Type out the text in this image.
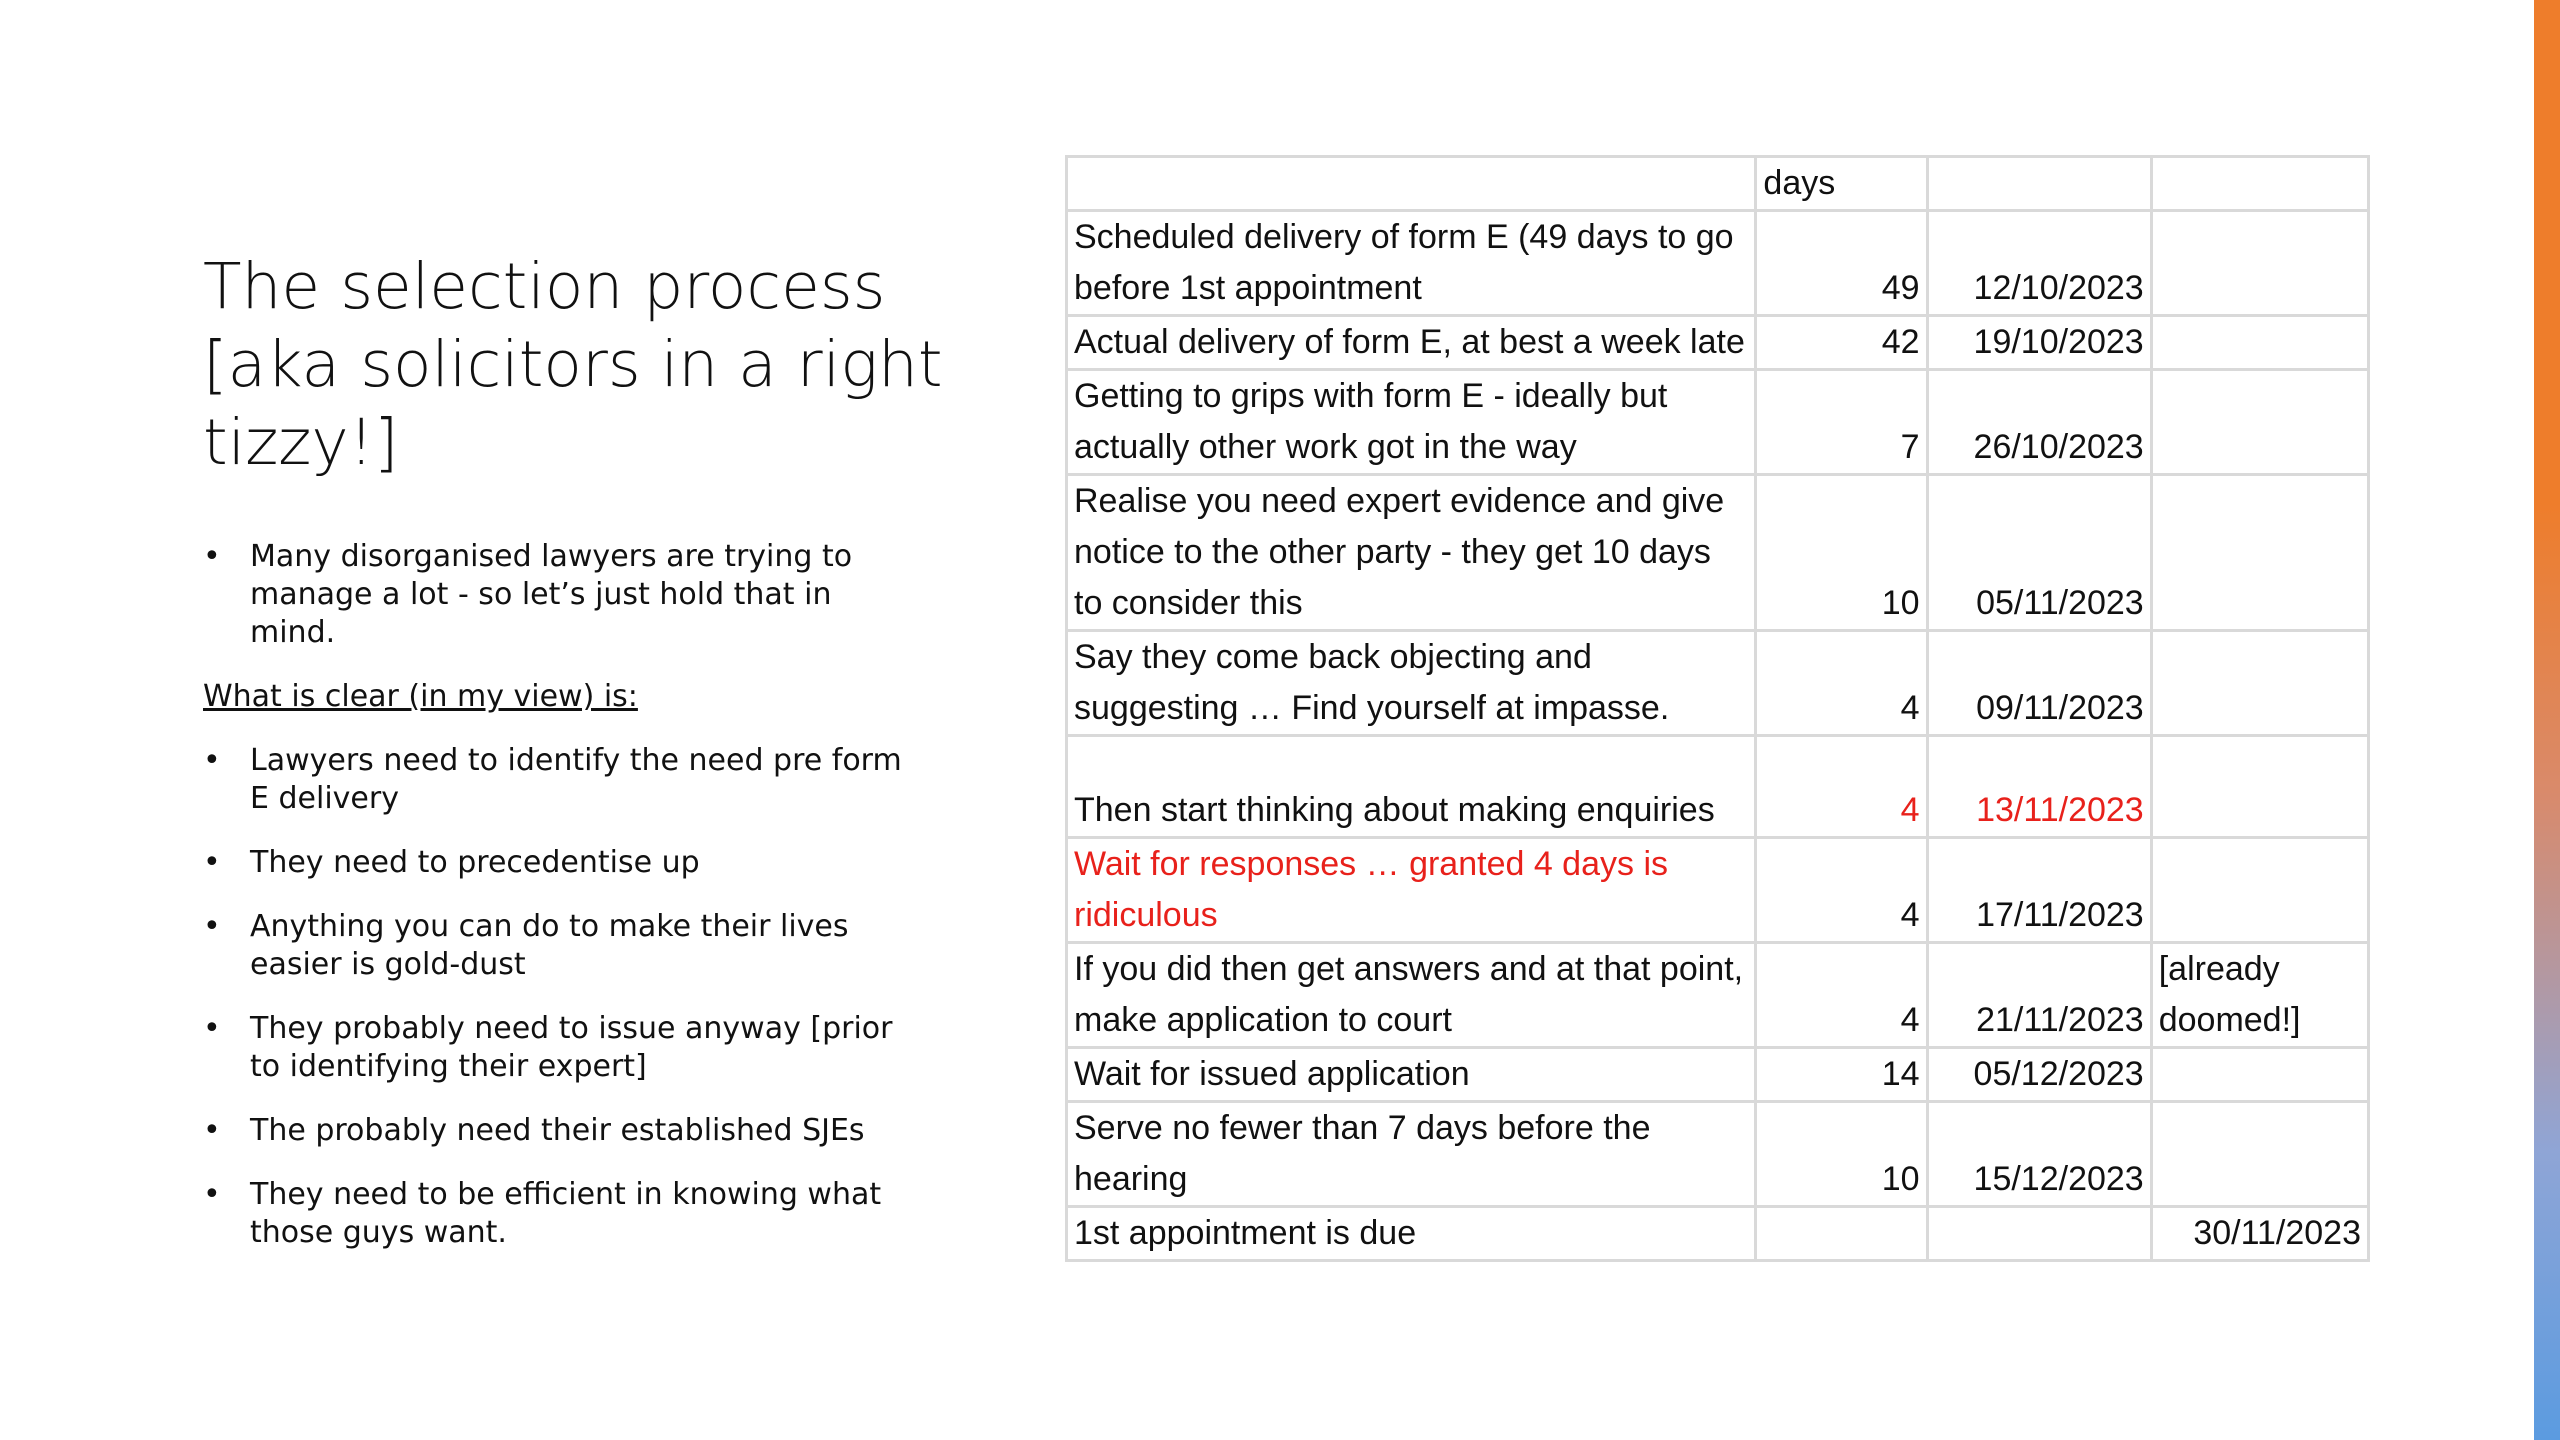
The selection process [aka solicitors in a right tizzy!]
• Many disorganised lawyers are trying to manage a lot - so let’s just hold that in mind.
What is clear (in my view) is:
• Lawyers need to identify the need pre form E delivery
• They need to precedentise up
• Anything you can do to make their lives easier is gold-dust
• They probably need to issue anyway [prior to identifying their expert]
• The probably need their established SJEs
• They need to be efficient in knowing what those guys want.
	days		
Scheduled delivery of form E (49 days to go before 1st appointment	49	12/10/2023	
Actual delivery of form E, at best a week late	42	19/10/2023	
Getting to grips with form E - ideally but actually other work got in the way	7	26/10/2023	
Realise you need expert evidence and give notice to the other party - they get 10 days to consider this	10	05/11/2023	
Say they come back objecting and suggesting … Find yourself at impasse.	4	09/11/2023	
Then start thinking about making enquiries	4	13/11/2023	
Wait for responses … granted 4 days is ridiculous	4	17/11/2023	
If you did then get answers and at that point, make application to court	4	21/11/2023	[already doomed!]
Wait for issued application	14	05/12/2023	
Serve no fewer than 7 days before the hearing	10	15/12/2023	
1st appointment is due			30/11/2023
